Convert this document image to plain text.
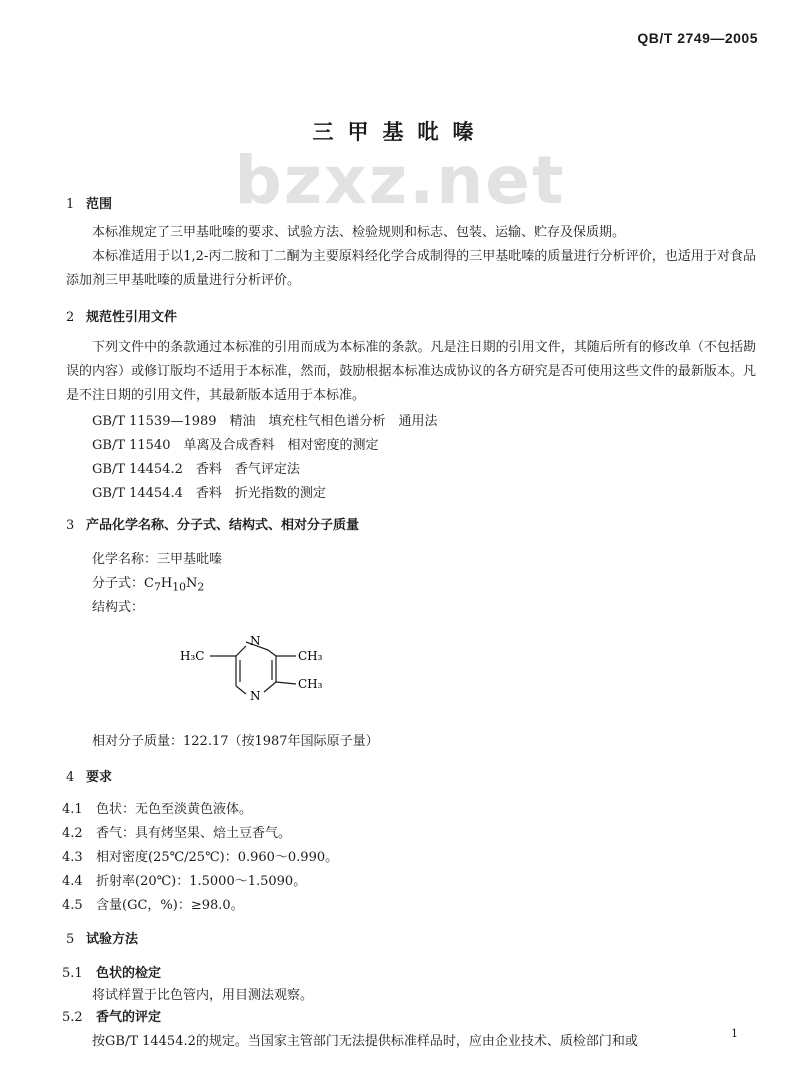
QB/T 2749—2005
三甲基吡嗪
bzxz.net
1 范围
本标准规定了三甲基吡嗪的要求、试验方法、检验规则和标志、包装、运输、贮存及保质期。
本标准适用于以1,2-丙二胺和丁二酮为主要原料经化学合成制得的三甲基吡嗪的质量进行分析评价，也适用于对食品添加剂三甲基吡嗪的质量进行分析评价。
2 规范性引用文件
下列文件中的条款通过本标准的引用而成为本标准的条款。凡是注日期的引用文件，其随后所有的修改单（不包括勘误的内容）或修订版均不适用于本标准，然而，鼓励根据本标准达成协议的各方研究是否可使用这些文件的最新版本。凡是不注日期的引用文件，其最新版本适用于本标准。
GB/T 11539—1989　精油　填充柱气相色谱分析　通用法
GB/T 11540　单离及合成香料　相对密度的测定
GB/T 14454.2　香料　香气评定法
GB/T 14454.4　香料　折光指数的测定
3 产品化学名称、分子式、结构式、相对分子质量
化学名称：三甲基吡嗪
分子式：$C_7H_{10}N_2$
结构式：
H₃C
N
N
CH₃
CH₃
相对分子质量：122.17（按1987年国际原子量）
4 要求
4.1 色状：无色至淡黄色液体。
4.2 香气：具有烤坚果、焙土豆香气。
4.3 相对密度(25℃/25℃)：0.960～0.990。
4.4 折射率(20℃)：1.5000～1.5090。
4.5 含量(GC，%)：≥98.0。
5 试验方法
5.1 色状的检定
将试样置于比色管内，用目测法观察。
5.2 香气的评定
按GB/T 14454.2的规定。当国家主管部门无法提供标准样品时，应由企业技术、质检部门和或
1
